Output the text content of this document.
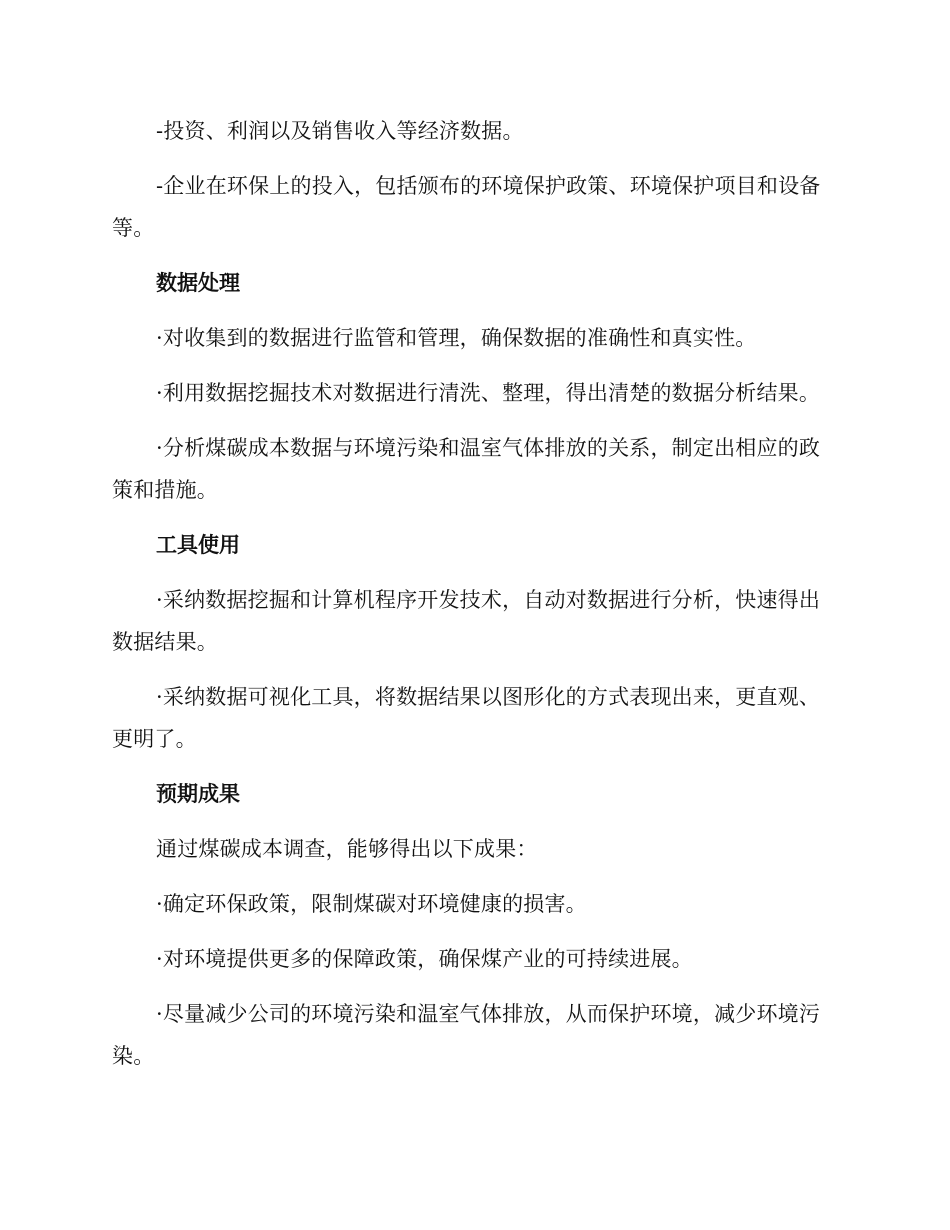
-投资、利润以及销售收入等经济数据。

-企业在环保上的投入，包括颁布的环境保护政策、环境保护项目和设备等。

数据处理

·对收集到的数据进行监管和管理，确保数据的准确性和真实性。

·利用数据挖掘技术对数据进行清洗、整理，得出清楚的数据分析结果。

·分析煤碳成本数据与环境污染和温室气体排放的关系，制定出相应的政策和措施。

工具使用

·采纳数据挖掘和计算机程序开发技术，自动对数据进行分析，快速得出数据结果。

·采纳数据可视化工具，将数据结果以图形化的方式表现出来，更直观、更明了。

预期成果

通过煤碳成本调查，能够得出以下成果：

·确定环保政策，限制煤碳对环境健康的损害。

·对环境提供更多的保障政策，确保煤产业的可持续进展。

·尽量减少公司的环境污染和温室气体排放，从而保护环境，减少环境污染。
